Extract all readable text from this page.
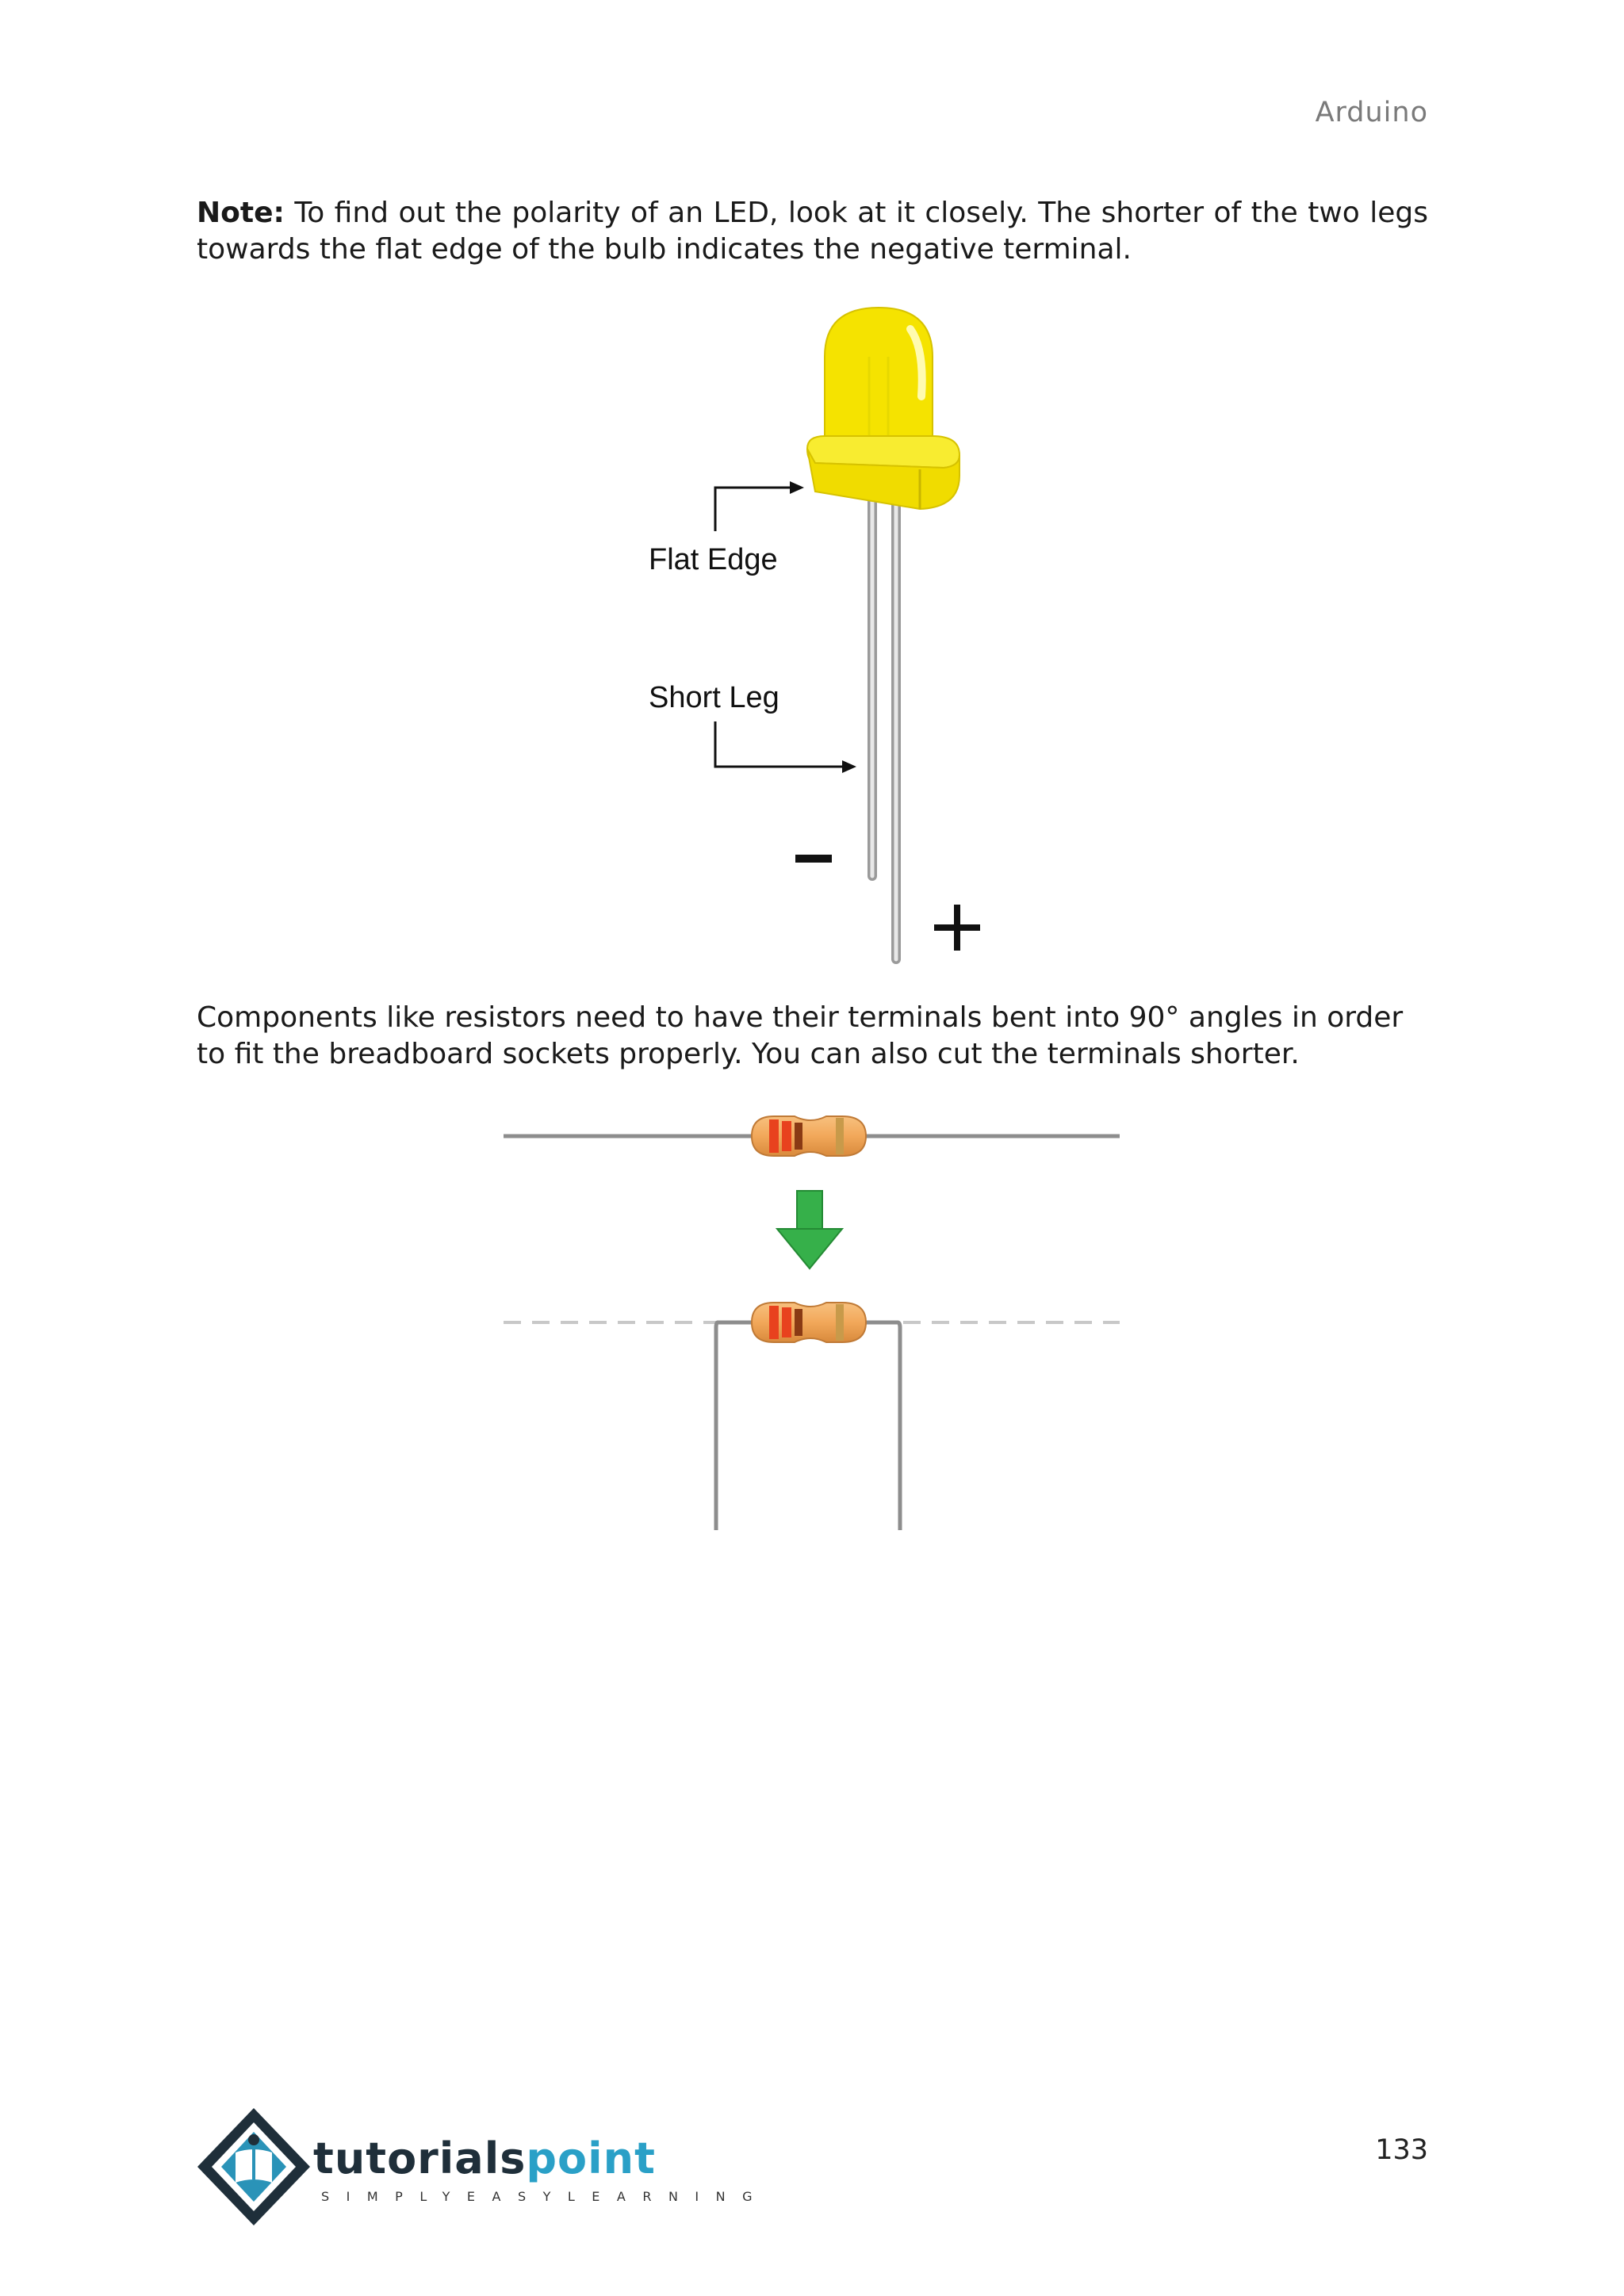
Arduino

Note: To find out the polarity of an LED, look at it closely. The shorter of the two legs towards the flat edge of the bulb indicates the negative terminal.

Flat Edge
Short Leg

Components like resistors need to have their terminals bent into 90° angles in order to fit the breadboard sockets properly. You can also cut the terminals shorter.

tutorialspoint
SIMPLYEASYLEARNING
133
